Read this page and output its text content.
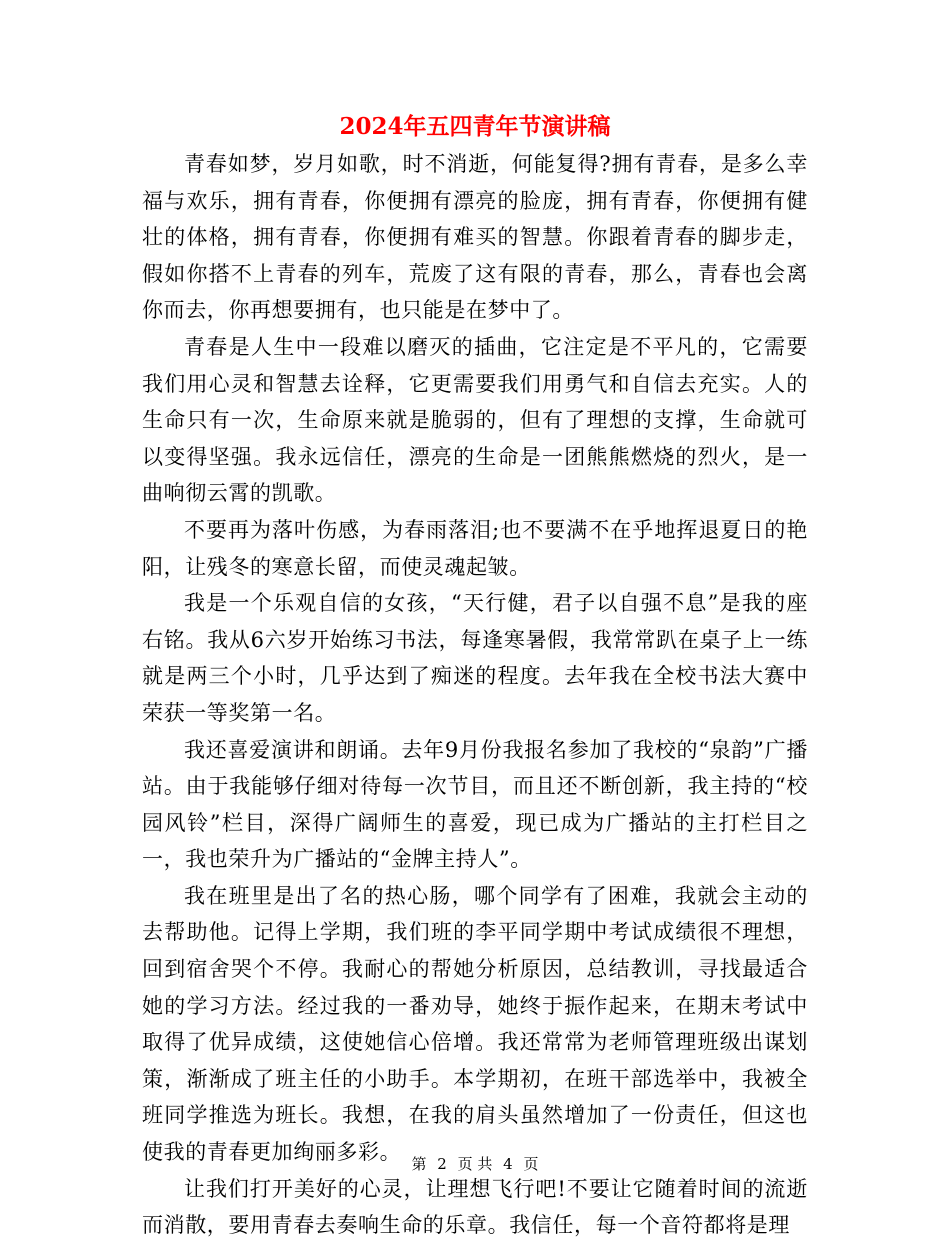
2024年五四青年节演讲稿

青春如梦，岁月如歌，时不消逝，何能复得?拥有青春，是多么幸福与欢乐，拥有青春，你便拥有漂亮的脸庞，拥有青春，你便拥有健壮的体格，拥有青春，你便拥有难买的智慧。你跟着青春的脚步走，假如你搭不上青春的列车，荒废了这有限的青春，那么，青春也会离你而去，你再想要拥有，也只能是在梦中了。

青春是人生中一段难以磨灭的插曲，它注定是不平凡的，它需要我们用心灵和智慧去诠释，它更需要我们用勇气和自信去充实。人的生命只有一次，生命原来就是脆弱的，但有了理想的支撑，生命就可以变得坚强。我永远信任，漂亮的生命是一团熊熊燃烧的烈火，是一曲响彻云霄的凯歌。

不要再为落叶伤感，为春雨落泪;也不要满不在乎地挥退夏日的艳阳，让残冬的寒意长留，而使灵魂起皱。

我是一个乐观自信的女孩，“天行健，君子以自强不息”是我的座右铭。我从6六岁开始练习书法，每逢寒暑假，我常常趴在桌子上一练就是两三个小时，几乎达到了痴迷的程度。去年我在全校书法大赛中荣获一等奖第一名。

我还喜爱演讲和朗诵。去年9月份我报名参加了我校的“泉韵”广播站。由于我能够仔细对待每一次节目，而且还不断创新，我主持的“校园风铃”栏目，深得广阔师生的喜爱，现已成为广播站的主打栏目之一，我也荣升为广播站的“金牌主持人”。

我在班里是出了名的热心肠，哪个同学有了困难，我就会主动的去帮助他。记得上学期，我们班的李平同学期中考试成绩很不理想，回到宿舍哭个不停。我耐心的帮她分析原因，总结教训，寻找最适合她的学习方法。经过我的一番劝导，她终于振作起来，在期末考试中取得了优异成绩，这使她信心倍增。我还常常为老师管理班级出谋划策，渐渐成了班主任的小助手。本学期初，在班干部选举中，我被全班同学推选为班长。我想，在我的肩头虽然增加了一份责任，但这也使我的青春更加绚丽多彩。

让我们打开美好的心灵，让理想飞行吧!不要让它随着时间的流逝而消散，要用青春去奏响生命的乐章。我信任，每一个音符都将是理

第 2 页 共 4 页
